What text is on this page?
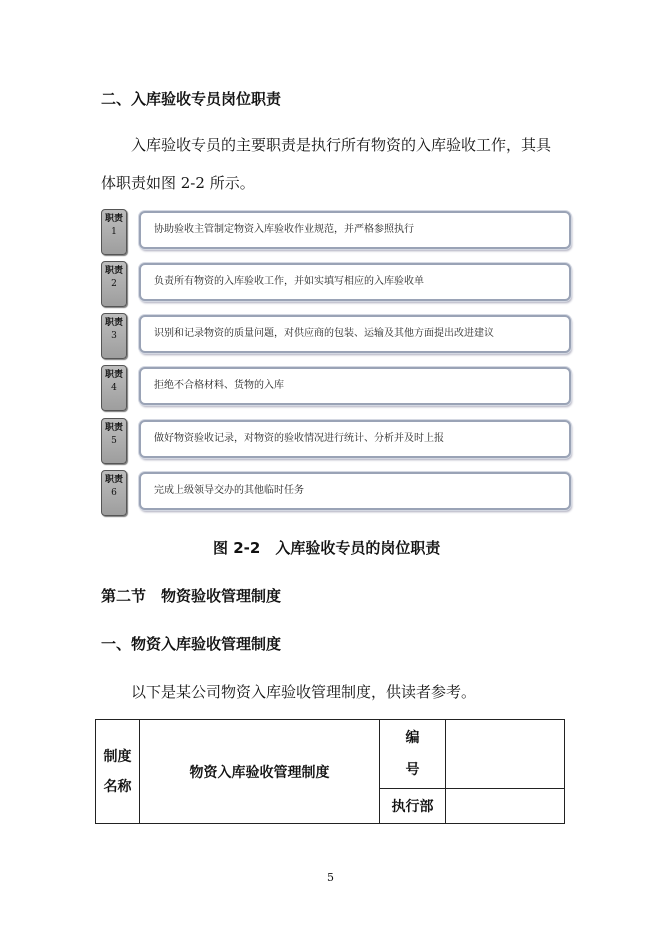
二、入库验收专员岗位职责
入库验收专员的主要职责是执行所有物资的入库验收工作，其具
体职责如图 2-2 所示。
职责
1	协助验收主管制定物资入库验收作业规范，并严格参照执行
职责
2	负责所有物资的入库验收工作，并如实填写相应的入库验收单
职责
3	识别和记录物资的质量问题，对供应商的包装、运输及其他方面提出改进建议
职责
4	拒绝不合格材料、货物的入库
职责
5	做好物资验收记录，对物资的验收情况进行统计、分析并及时上报
职责
6	完成上级领导交办的其他临时任务
图 2-2　入库验收专员的岗位职责
第二节　物资验收管理制度
一、物资入库验收管理制度
以下是某公司物资入库验收管理制度，供读者参考。
制度
名称	物资入库验收管理制度	编
号	
		执行部	
5
